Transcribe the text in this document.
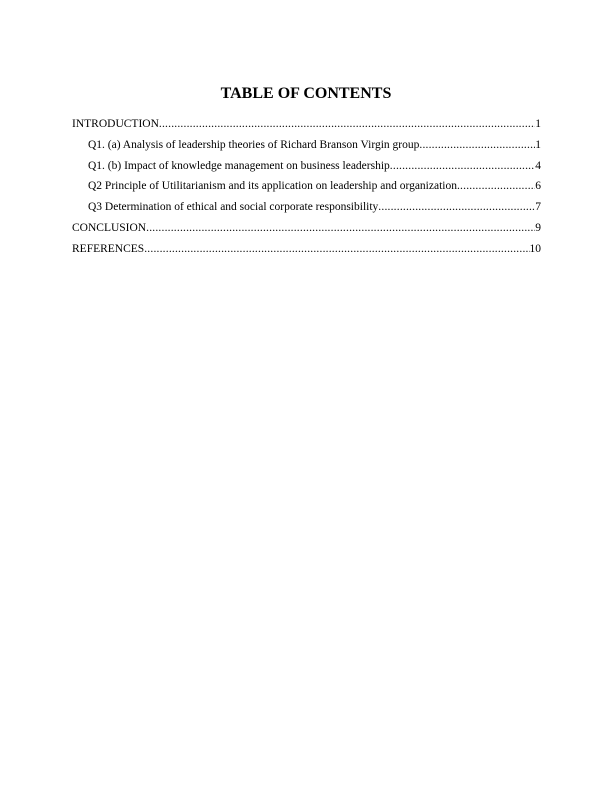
TABLE OF CONTENTS
INTRODUCTION .....	1
Q1. (a) Analysis of leadership theories of Richard Branson Virgin group .....	1
Q1. (b) Impact of knowledge management on business leadership .....	4
Q2 Principle of Utilitarianism and its application on leadership and organization .....	6
Q3 Determination of ethical and social corporate responsibility .....	7
CONCLUSION .....	9
REFERENCES .....	10
